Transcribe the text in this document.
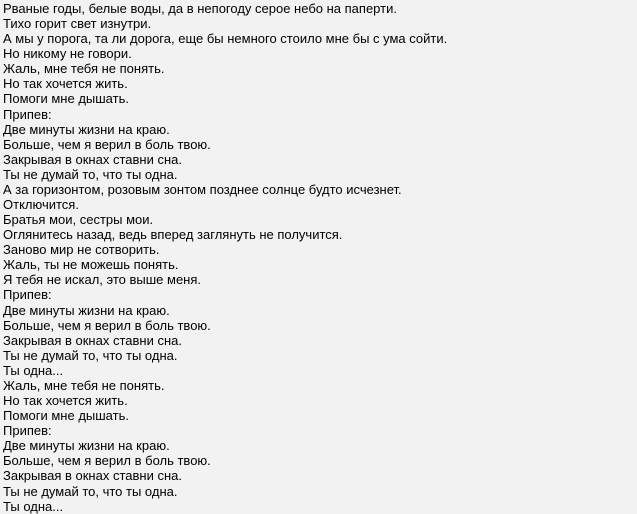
Рваные годы, белые воды, да в непогоду серое небо на паперти.
Тихо горит свет изнутри.
А мы у порога, та ли дорога, еще бы немного стоило мне бы с ума сойти.
Но никому не говори.
Жаль, мне тебя не понять.
Но так хочется жить.
Помоги мне дышать.
Припев:
Две минуты жизни на краю.
Больше, чем я верил в боль твою.
Закрывая в окнах ставни сна.
Ты не думай то, что ты одна.
А за горизонтом, розовым зонтом позднее солнце будто исчезнет.
Отключится.
Братья мои, сестры мои.
Оглянитесь назад, ведь вперед заглянуть не получится.
Заново мир не сотворить.
Жаль, ты не можешь понять.
Я тебя не искал, это выше меня.
Припев:
Две минуты жизни на краю.
Больше, чем я верил в боль твою.
Закрывая в окнах ставни сна.
Ты не думай то, что ты одна.
Ты одна...
Жаль, мне тебя не понять.
Но так хочется жить.
Помоги мне дышать.
Припев:
Две минуты жизни на краю.
Больше, чем я верил в боль твою.
Закрывая в окнах ставни сна.
Ты не думай то, что ты одна.
Ты одна...
